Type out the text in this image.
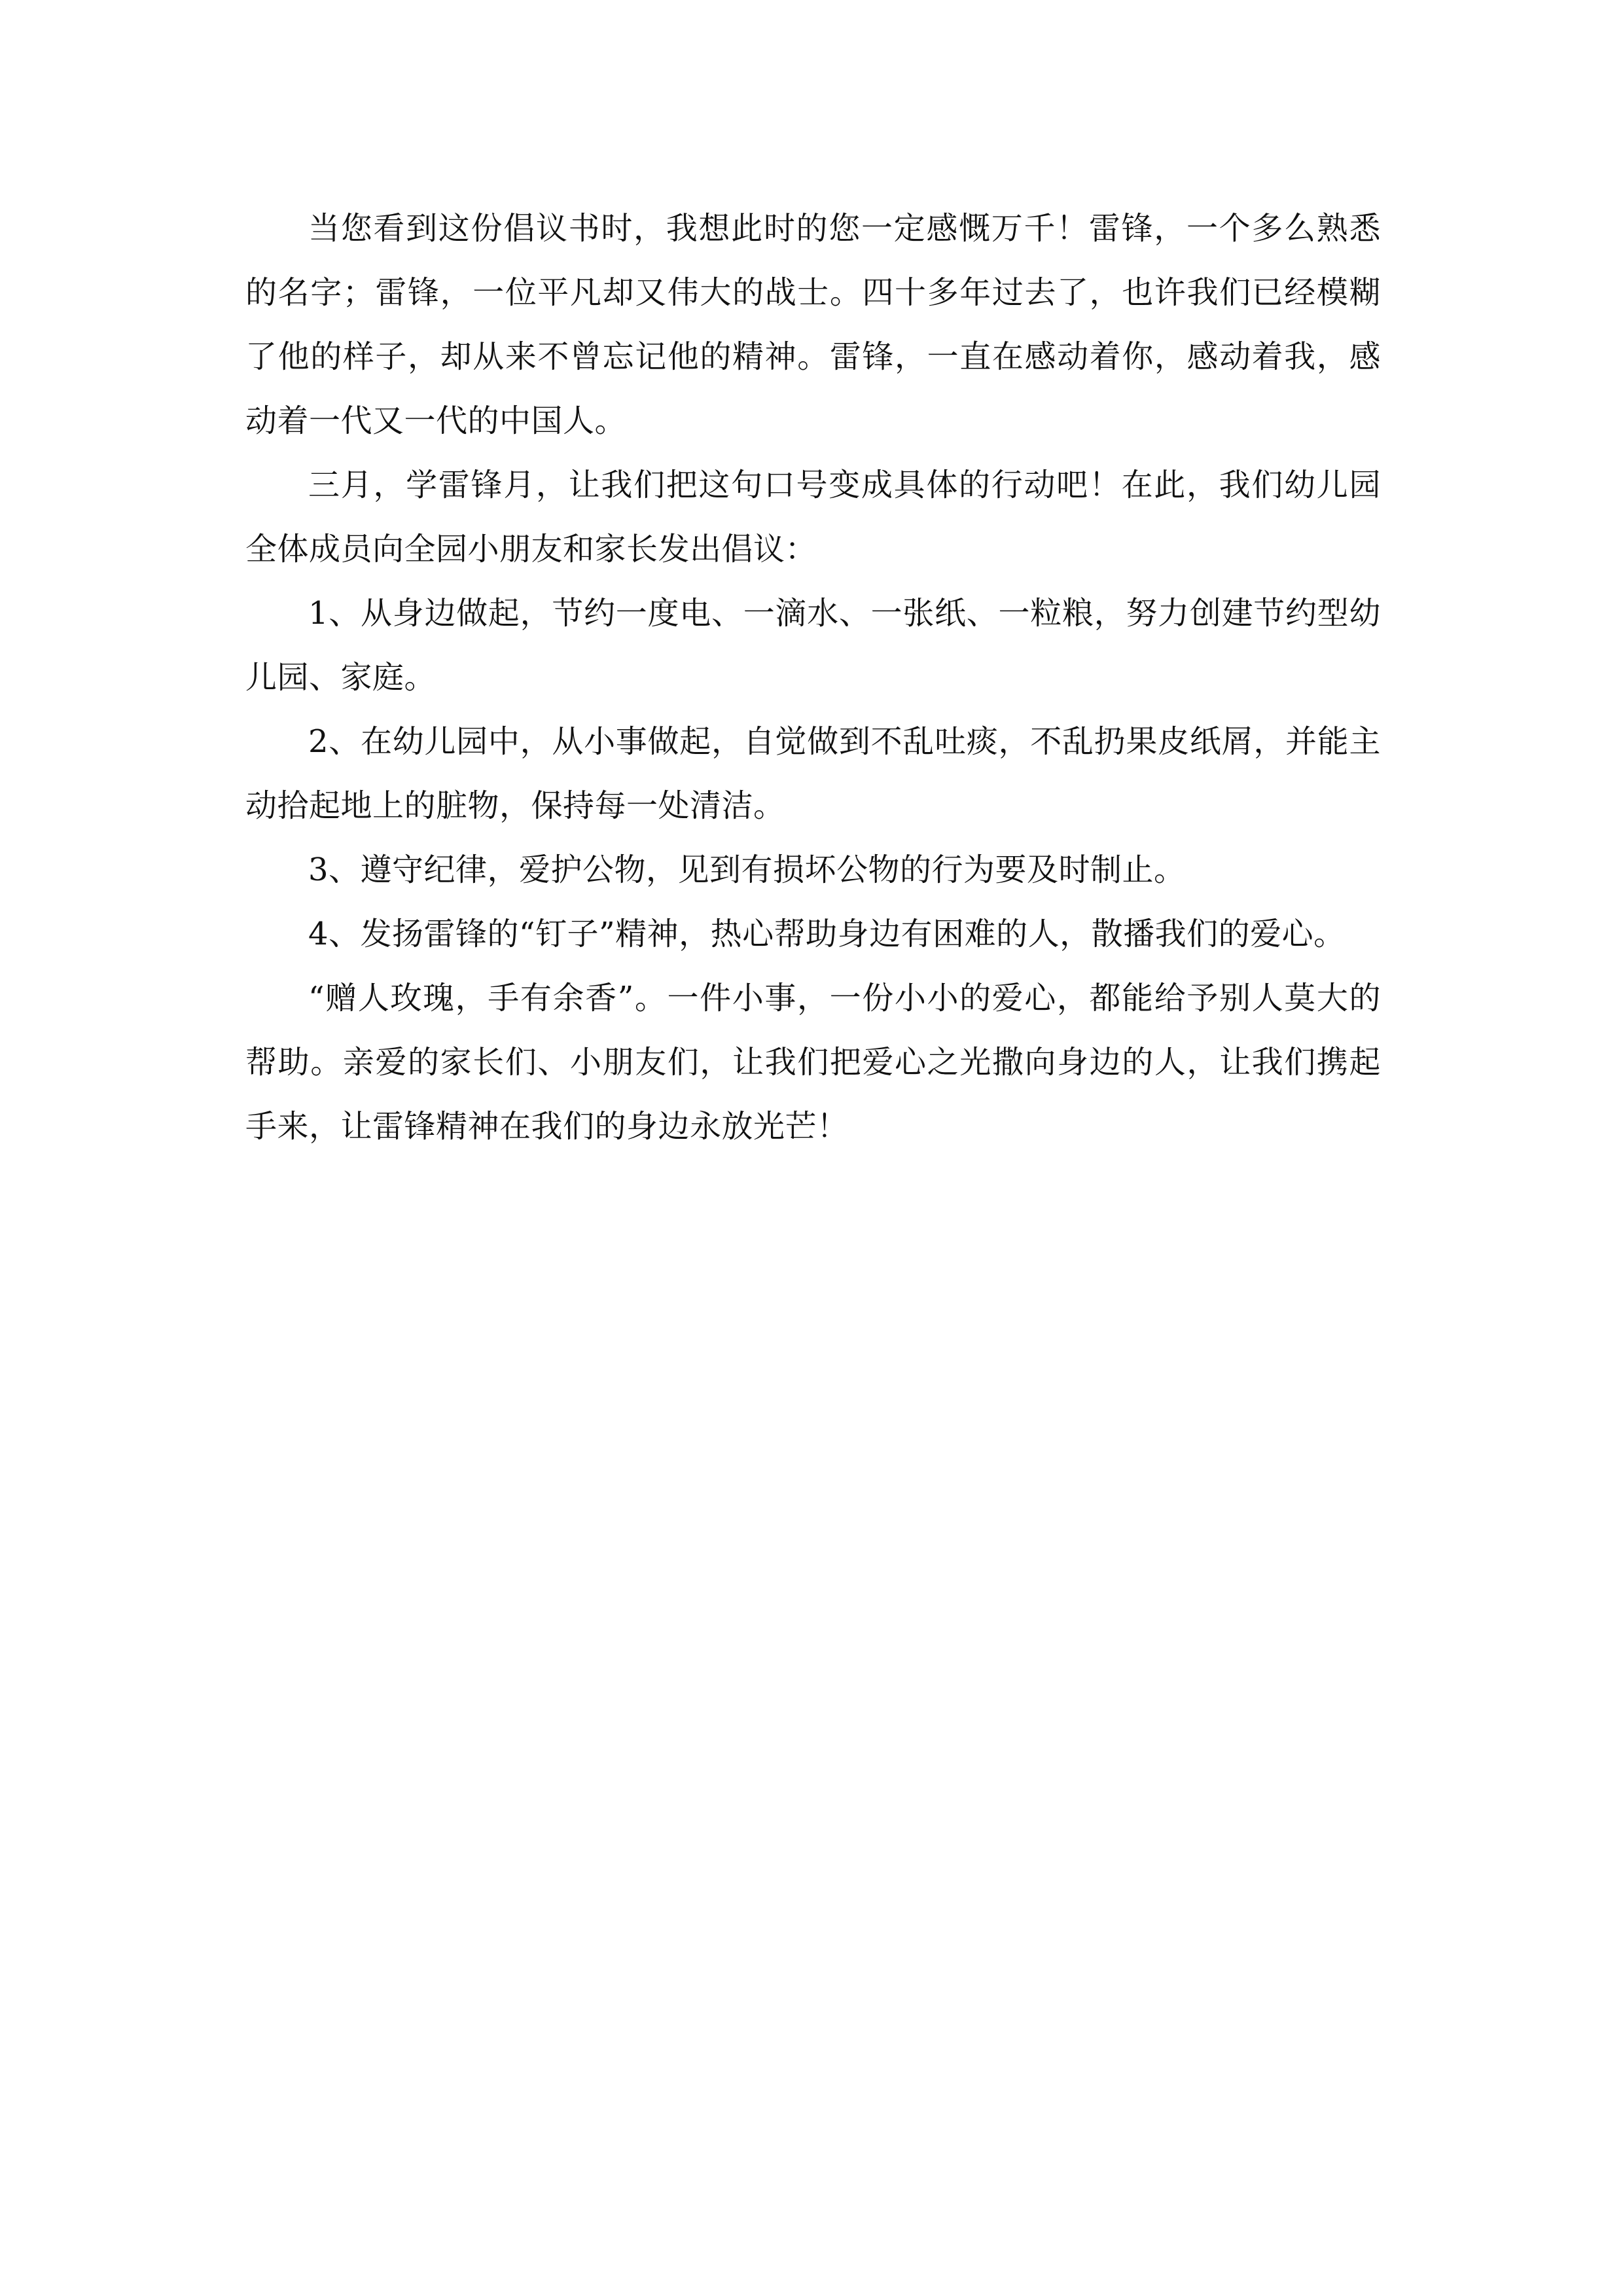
当您看到这份倡议书时，我想此时的您一定感慨万千！雷锋，一个多么熟悉的名字；雷锋，一位平凡却又伟大的战士。四十多年过去了，也许我们已经模糊了他的样子，却从来不曾忘记他的精神。雷锋，一直在感动着你，感动着我，感动着一代又一代的中国人。

三月，学雷锋月，让我们把这句口号变成具体的行动吧！在此，我们幼儿园全体成员向全园小朋友和家长发出倡议：

1、从身边做起，节约一度电、一滴水、一张纸、一粒粮，努力创建节约型幼儿园、家庭。

2、在幼儿园中，从小事做起，自觉做到不乱吐痰，不乱扔果皮纸屑，并能主动拾起地上的脏物，保持每一处清洁。

3、遵守纪律，爱护公物，见到有损坏公物的行为要及时制止。

4、发扬雷锋的“钉子”精神，热心帮助身边有困难的人，散播我们的爱心。

“赠人玫瑰，手有余香”。一件小事，一份小小的爱心，都能给予别人莫大的帮助。亲爱的家长们、小朋友们，让我们把爱心之光撒向身边的人，让我们携起手来，让雷锋精神在我们的身边永放光芒！
